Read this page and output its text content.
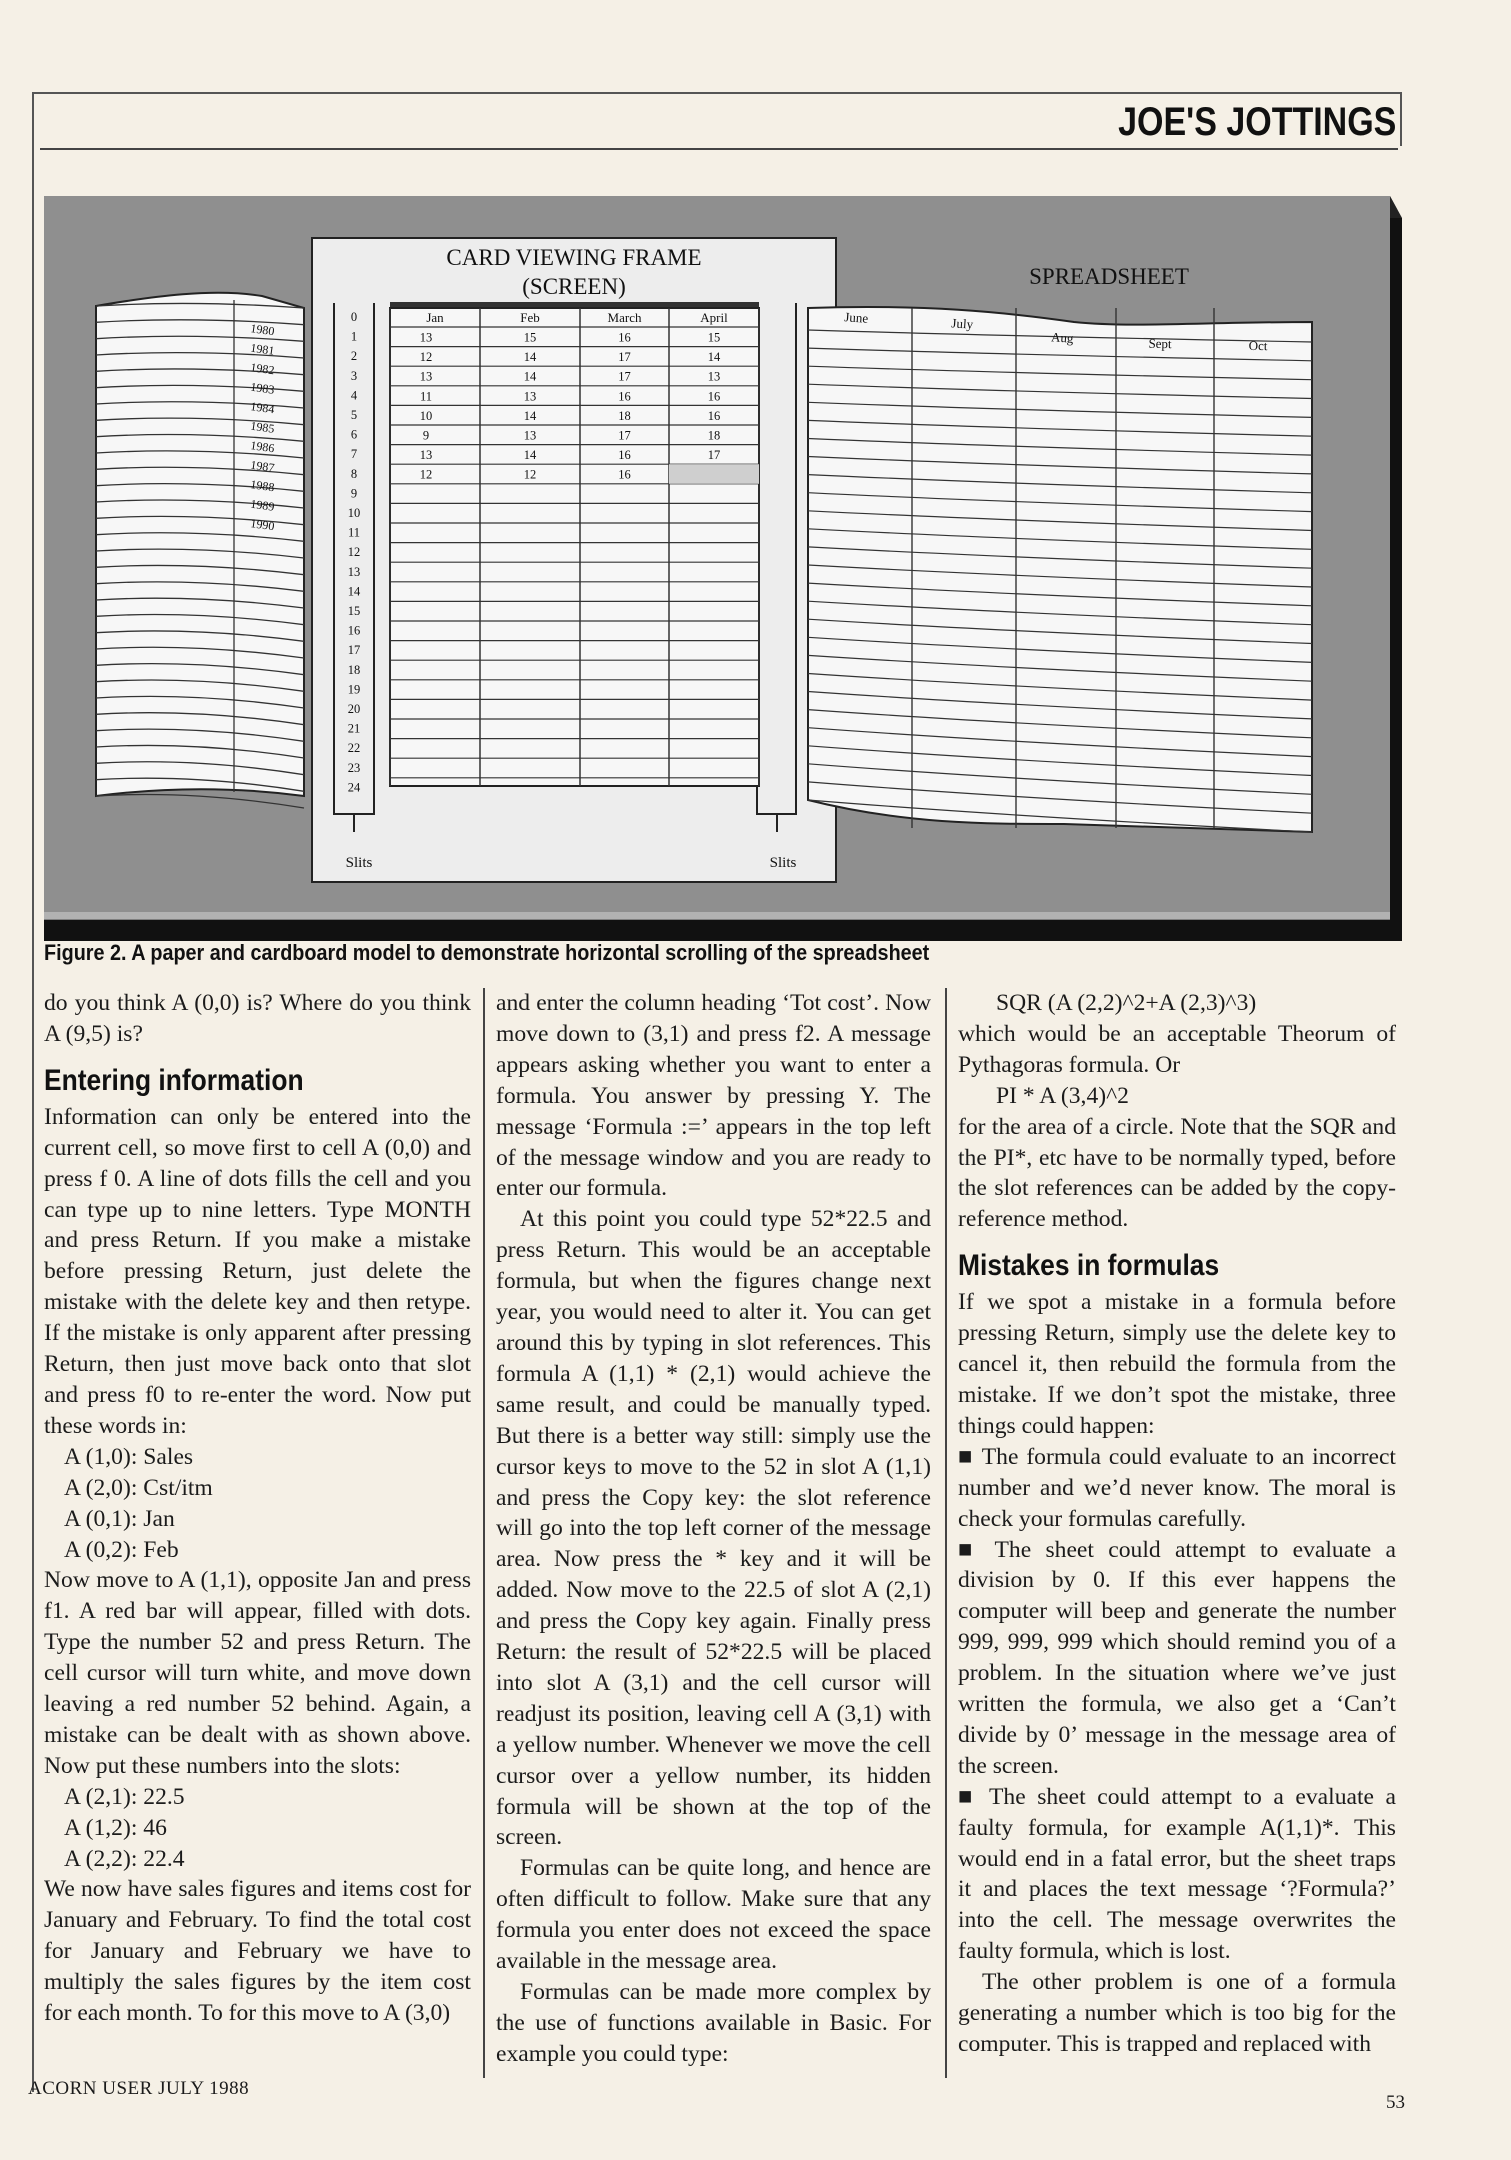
JOE'S JOTTINGS
1980
1981
1982
1983
1984
1985
1986
1987
1988
1989
1990
0
1
2
3
4
5
6
7
8
9
10
11
12
13
14
15
16
17
18
19
20
21
22
23
24
Jan	Feb	March	April
13	15	16	15
12	14	17	14
13	14	17	13
11	13	16	16
10	14	18	16
9	13	17	18
13	14	16	17
12	12	16
June	July
Aug	Sept	Oct
CARD VIEWING FRAME
(SCREEN)	SPREADSHEET
Slits	Slits
Figure 2. A paper and cardboard model to demonstrate horizontal scrolling of the spreadsheet

do you think A (0,0) is? Where do you think A (9,5) is?

Entering information

Information can only be entered into the current cell, so move first to cell A (0,0) and press f 0. A line of dots fills the cell and you can type up to nine letters. Type MONTH and press Return. If you make a mistake before pressing Return, just delete the mistake with the delete key and then retype. If the mistake is only apparent after pressing Return, then just move back onto that slot and press f0 to re-enter the word. Now put these words in:

A (1,0): Sales

A (2,0): Cst/itm

A (0,1): Jan

A (0,2): Feb

Now move to A (1,1), opposite Jan and press f1. A red bar will appear, filled with dots. Type the number 52 and press Return. The cell cursor will turn white, and move down leaving a red number 52 behind. Again, a mistake can be dealt with as shown above. Now put these numbers into the slots:

A (2,1): 22.5

A (1,2): 46

A (2,2): 22.4

We now have sales figures and items cost for January and February. To find the total cost for January and February we have to multiply the sales figures by the item cost for each month. To for this move to A (3,0)

and enter the column heading ‘Tot cost’. Now move down to (3,1) and press f2. A message appears asking whether you want to enter a formula. You answer by pressing Y. The message ‘Formula :=’ appears in the top left of the message window and you are ready to enter our formula.

At this point you could type 52*22.5 and press Return. This would be an acceptable formula, but when the figures change next year, you would need to alter it. You can get around this by typing in slot references. This formula A (1,1) * (2,1) would achieve the same result, and could be manually typed. But there is a better way still: simply use the cursor keys to move to the 52 in slot A (1,1) and press the Copy key: the slot reference will go into the top left corner of the message area. Now press the * key and it will be added. Now move to the 22.5 of slot A (2,1) and press the Copy key again. Finally press Return: the result of 52*22.5 will be placed into slot A (3,1) and the cell cursor will readjust its position, leaving cell A (3,1) with a yellow number. Whenever we move the cell cursor over a yellow number, its hidden formula will be shown at the top of the screen.

Formulas can be quite long, and hence are often difficult to follow. Make sure that any formula you enter does not exceed the space available in the message area.

Formulas can be made more complex by the use of functions available in Basic. For example you could type:

SQR (A (2,2)^2+A (2,3)^3)

which would be an acceptable Theorum of Pythagoras formula. Or

PI * A (3,4)^2

for the area of a circle. Note that the SQR and the PI*, etc have to be normally typed, before the slot references can be added by the copy-reference method.

Mistakes in formulas

If we spot a mistake in a formula before pressing Return, simply use the delete key to cancel it, then rebuild the formula from the mistake. If we don’t spot the mistake, three things could happen:

■ The formula could evaluate to an incorrect number and we’d never know. The moral is check your formulas carefully.

■ The sheet could attempt to evaluate a division by 0. If this ever happens the computer will beep and generate the number 999, 999, 999 which should remind you of a problem. In the situation where we’ve just written the formula, we also get a ‘Can’t divide by 0’ message in the message area of the screen.

■ The sheet could attempt to a evaluate a faulty formula, for example A(1,1)*. This would end in a fatal error, but the sheet traps it and places the text message ‘?Formula?’ into the cell. The message overwrites the faulty formula, which is lost.

The other problem is one of a formula generating a number which is too big for the computer. This is trapped and replaced with

ACORN USER JULY 1988
53
